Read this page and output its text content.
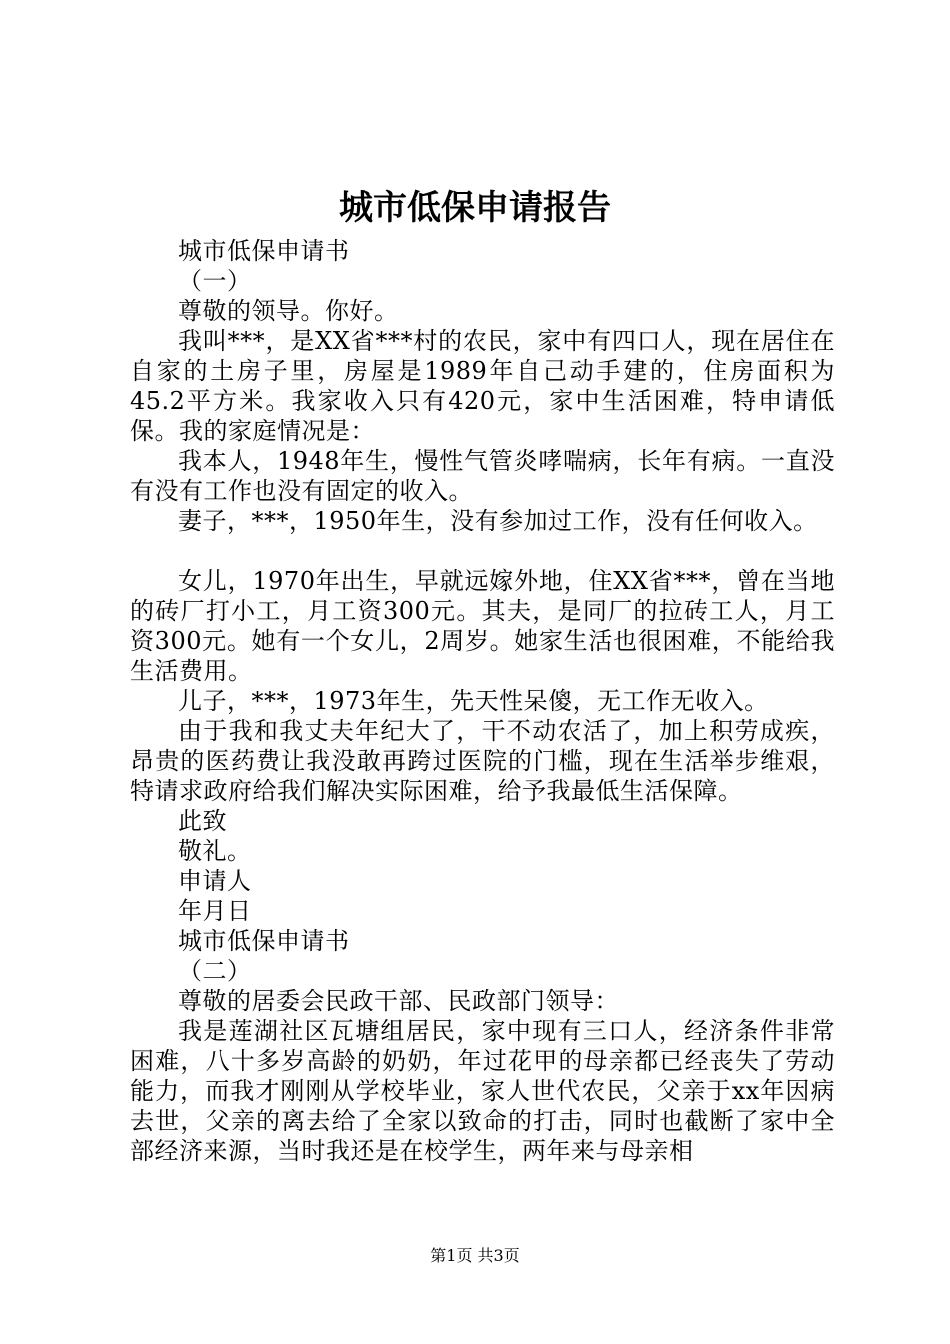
城市低保申请报告

城市低保申请书

（一）

尊敬的领导。你好。

我叫***，是XX省***村的农民，家中有四口人，现在居住在自家的土房子里，房屋是1989年自己动手建的，住房面积为45.2平方米。我家收入只有420元，家中生活困难，特申请低保。我的家庭情况是：

我本人，1948年生，慢性气管炎哮喘病，长年有病。一直没有没有工作也没有固定的收入。

妻子，***，1950年生，没有参加过工作，没有任何收入。

女儿，1970年出生，早就远嫁外地，住XX省***，曾在当地的砖厂打小工，月工资300元。其夫，是同厂的拉砖工人，月工资300元。她有一个女儿，2周岁。她家生活也很困难，不能给我生活费用。

儿子，***，1973年生，先天性呆傻，无工作无收入。

由于我和我丈夫年纪大了，干不动农活了，加上积劳成疾，昂贵的医药费让我没敢再跨过医院的门槛，现在生活举步维艰，特请求政府给我们解决实际困难，给予我最低生活保障。

此致

敬礼。

申请人

年月日

城市低保申请书

（二）

尊敬的居委会民政干部、民政部门领导：

我是莲湖社区瓦塘组居民，家中现有三口人，经济条件非常困难，八十多岁高龄的奶奶，年过花甲的母亲都已经丧失了劳动能力，而我才刚刚从学校毕业，家人世代农民，父亲于xx年因病去世，父亲的离去给了全家以致命的打击，同时也截断了家中全部经济来源，当时我还是在校学生，两年来与母亲相

第1页 共3页
